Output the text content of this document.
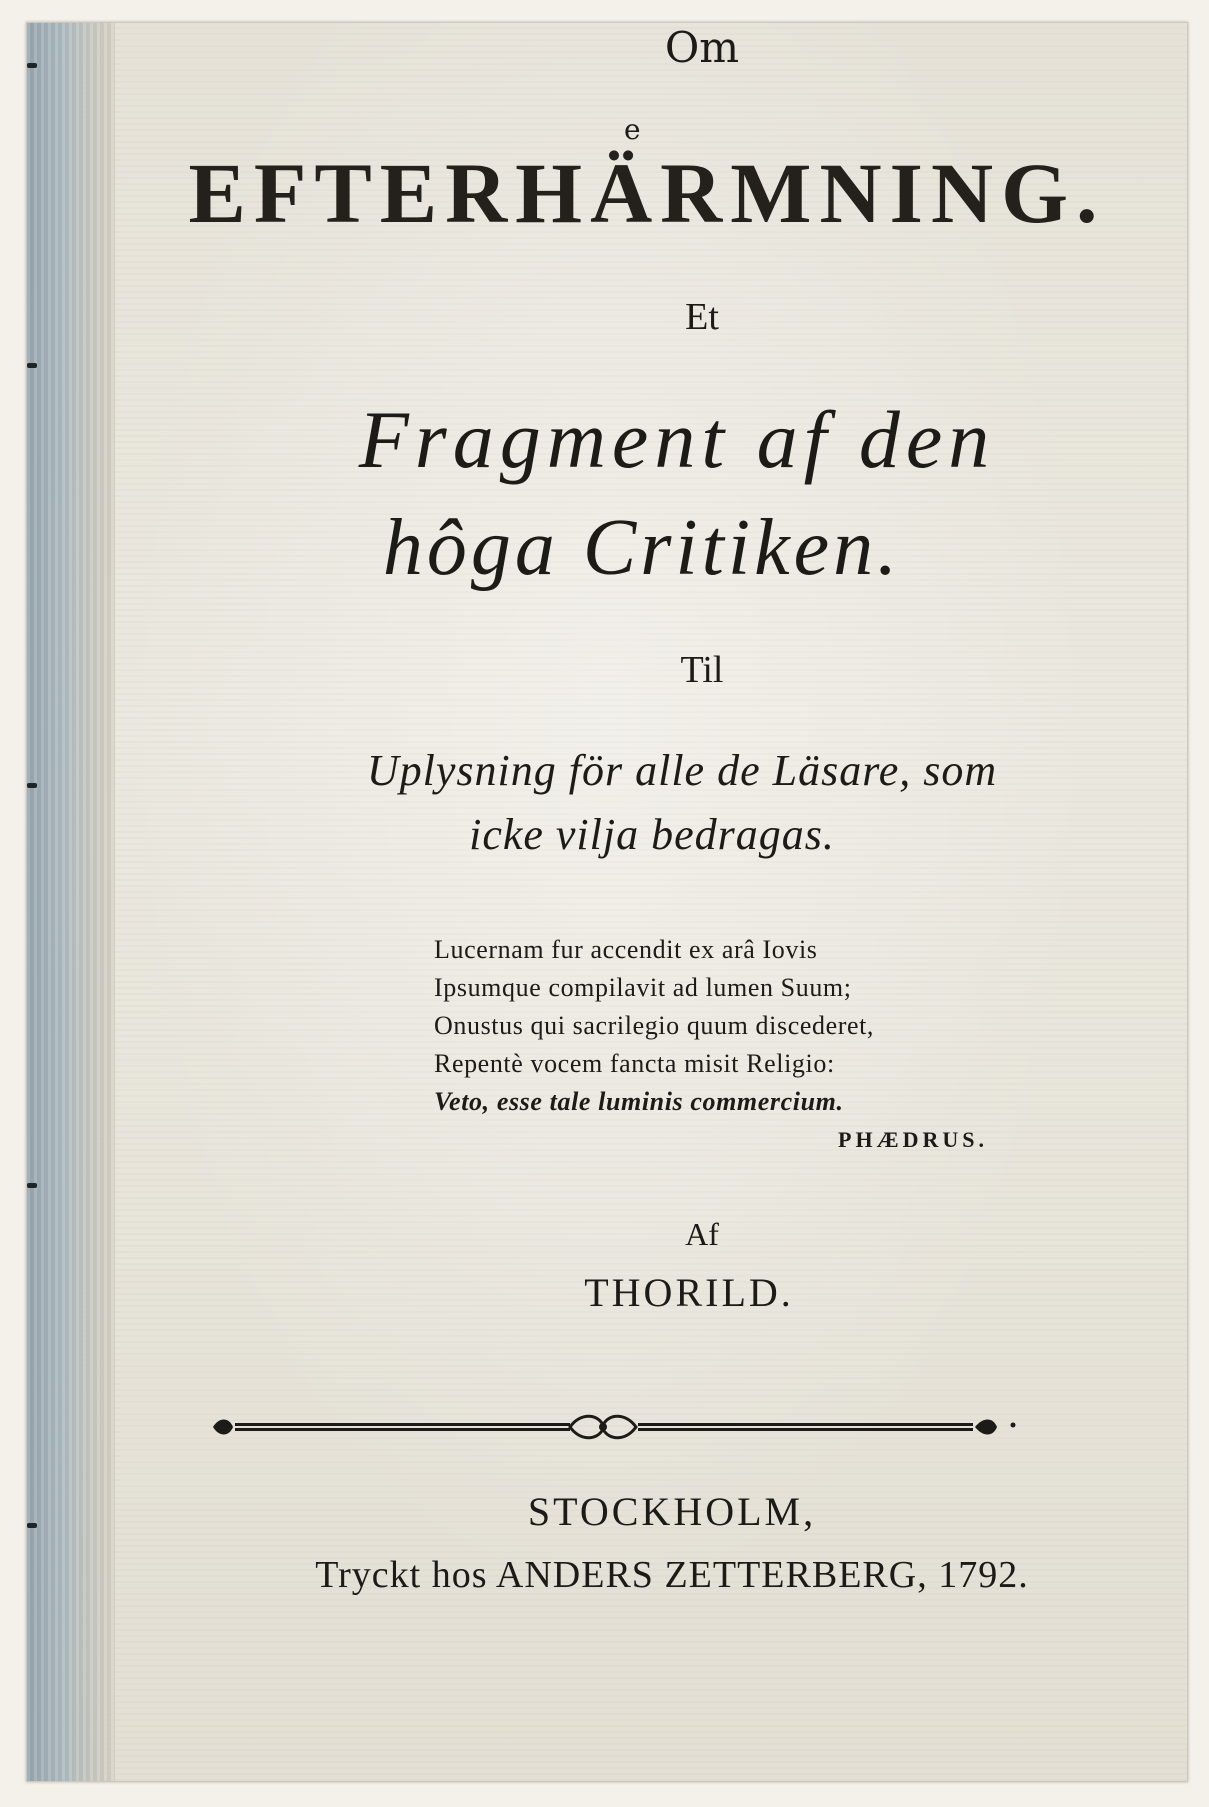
Om
e
EFTERHÄRMNING.
Et
Fragment af den
hôga Critiken.
Til
Uplysning för alle de Läsare, som
icke vilja bedragas.
Lucernam fur accendit ex arâ Iovis
Ipsumque compilavit ad lumen Suum;
Onustus qui sacrilegio quum discederet,
Repentè vocem fancta misit Religio:
Veto, esse tale luminis commercium.
PHÆDRUS.
Af
THORILD.
STOCKHOLM,
Tryckt hos ANDERS ZETTERBERG, 1792.
